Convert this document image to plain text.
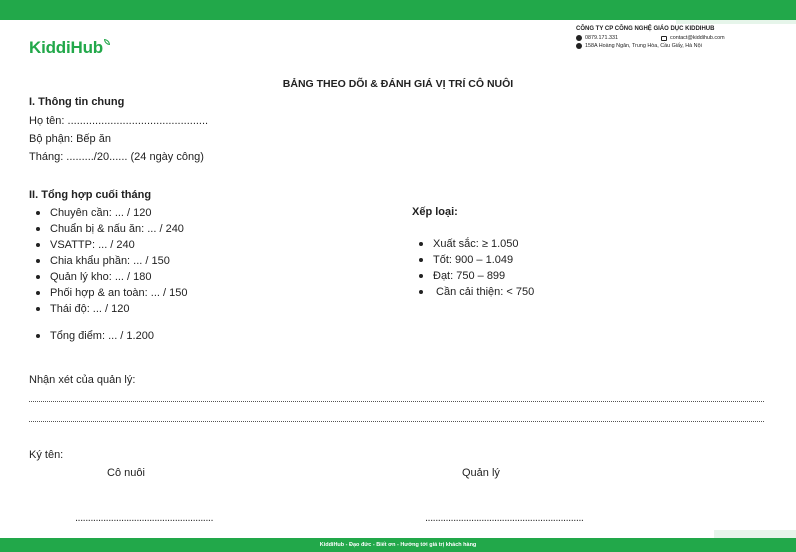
KiddiHub
CÔNG TY CP CÔNG NGHỆ GIÁO DỤC KIDDIHUB
0879.171.331	contact@kiddihub.com
158A Hoàng Ngân, Trung Hòa, Cầu Giấy, Hà Nội
BẢNG THEO DÕI & ĐÁNH GIÁ VỊ TRÍ CÔ NUÔI
I. Thông tin chung
Họ tên: ..............................................
Bộ phận: Bếp ăn
Tháng: ........./20...... (24 ngày công)
II. Tổng hợp cuối tháng
Chuyên cần: ... / 120
Chuẩn bị & nấu ăn: ... / 240
VSATTP: ... / 240
Chia khẩu phần: ... / 150
Quản lý kho: ... / 180
Phối hợp & an toàn: ... / 150
Thái độ: ... / 120
Tổng điểm: ... / 1.200
Xếp loại:
Xuất sắc: ≥ 1.050
Tốt: 900 – 1.049
Đạt: 750 – 899
Cần cải thiện: < 750
Nhận xét của quản lý:
Ký tên:
Cô nuôi	Quản lý
......................................................	..............................................................
KiddiHub - Đạo đức - Biết ơn - Hướng tới giá trị khách hàng
